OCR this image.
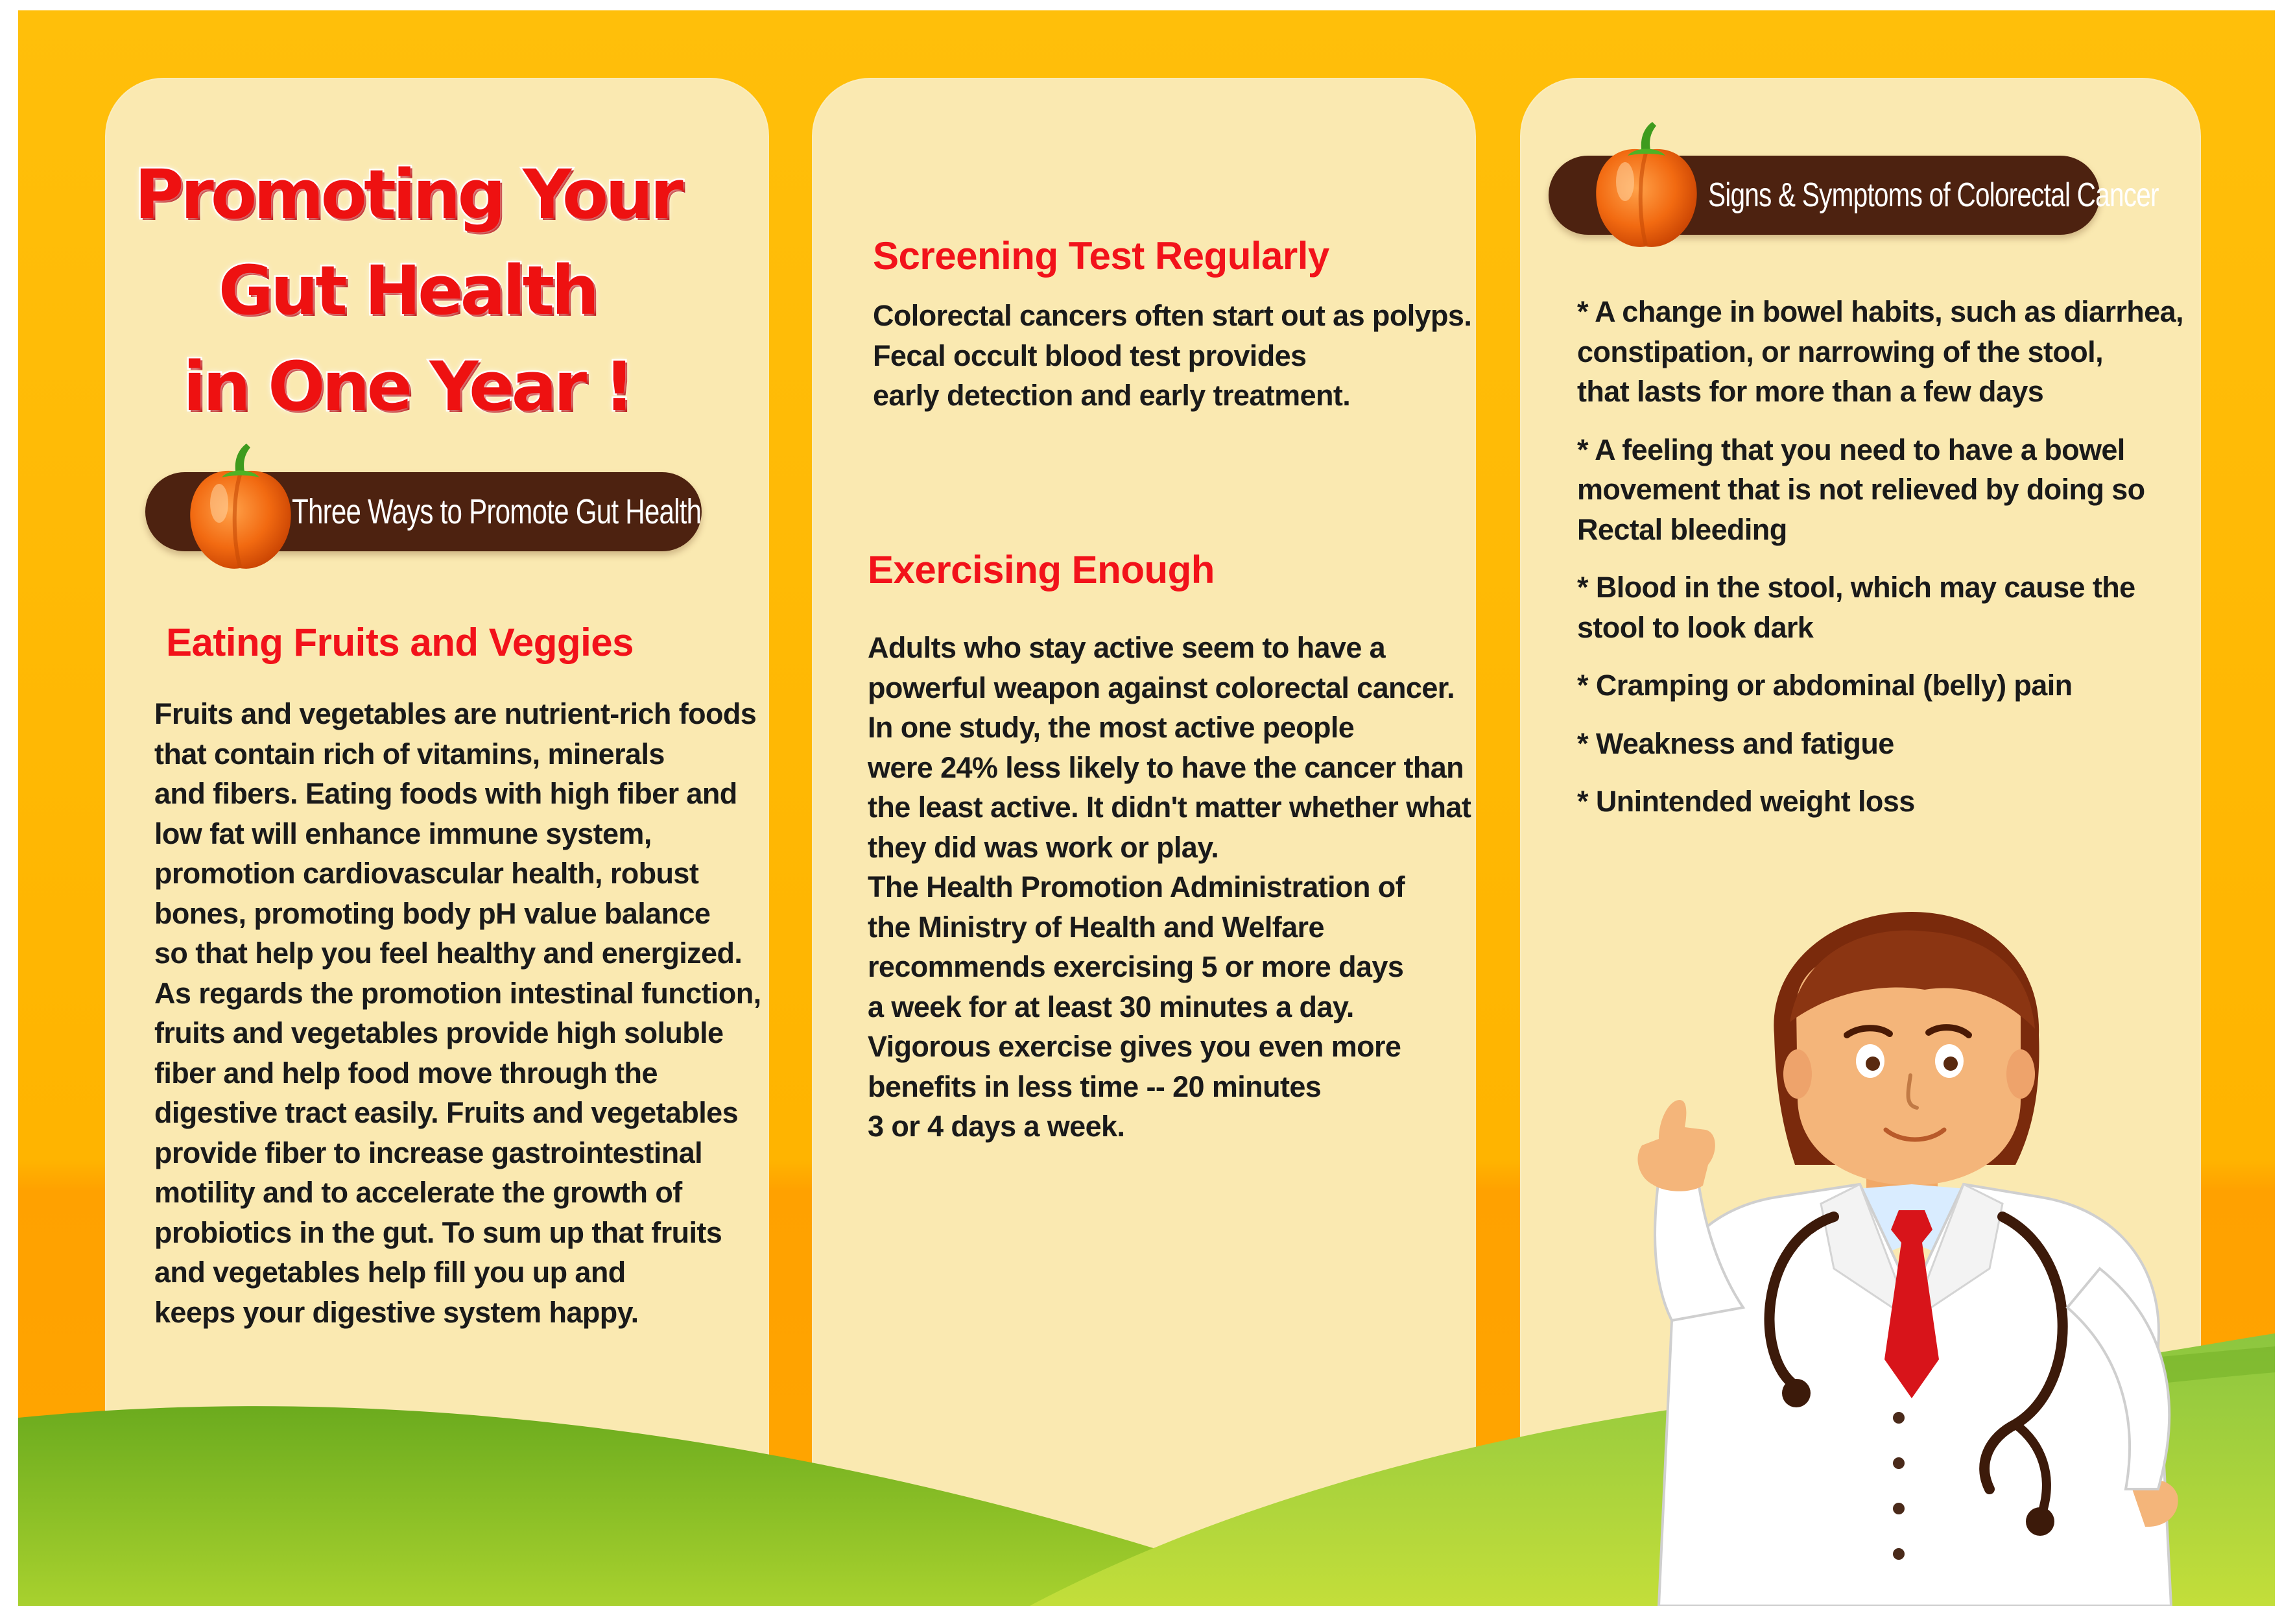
Promoting Your
Gut Health
in One Year !
Three Ways to Promote Gut Health
Eating Fruits and Veggies
Fruits and vegetables are nutrient-rich foods
that contain rich of vitamins, minerals
and fibers. Eating foods with high fiber and
low fat will enhance immune system,
promotion cardiovascular health, robust
bones, promoting body pH value balance
so that help you feel healthy and energized.
As regards the promotion intestinal function,
fruits and vegetables provide high soluble
fiber and help food move through the
digestive tract easily. Fruits and vegetables
provide fiber to increase gastrointestinal
motility and to accelerate the growth of
probiotics in the gut. To sum up that fruits
and vegetables help fill you up and
keeps your digestive system happy.
Screening Test Regularly
Colorectal cancers often start out as polyps.
Fecal occult blood test provides
early detection and early treatment.
Exercising Enough
Adults who stay active seem to have a
powerful weapon against colorectal cancer.
In one study, the most active people
were 24% less likely to have the cancer than
the least active. It didn't matter whether what
they did was work or play.
The Health Promotion Administration of
the Ministry of Health and Welfare
recommends exercising 5 or more days
a week for at least 30 minutes a day.
Vigorous exercise gives you even more
benefits in less time -- 20 minutes
3 or 4 days a week.
Signs & Symptoms of Colorectal Cancer
* A change in bowel habits, such as diarrhea,
constipation, or narrowing of the stool,
that lasts for more than a few days
* A feeling that you need to have a bowel
movement that is not relieved by doing so
Rectal bleeding
* Blood in the stool, which may cause the
stool to look dark
* Cramping or abdominal (belly) pain
* Weakness and fatigue
* Unintended weight loss
